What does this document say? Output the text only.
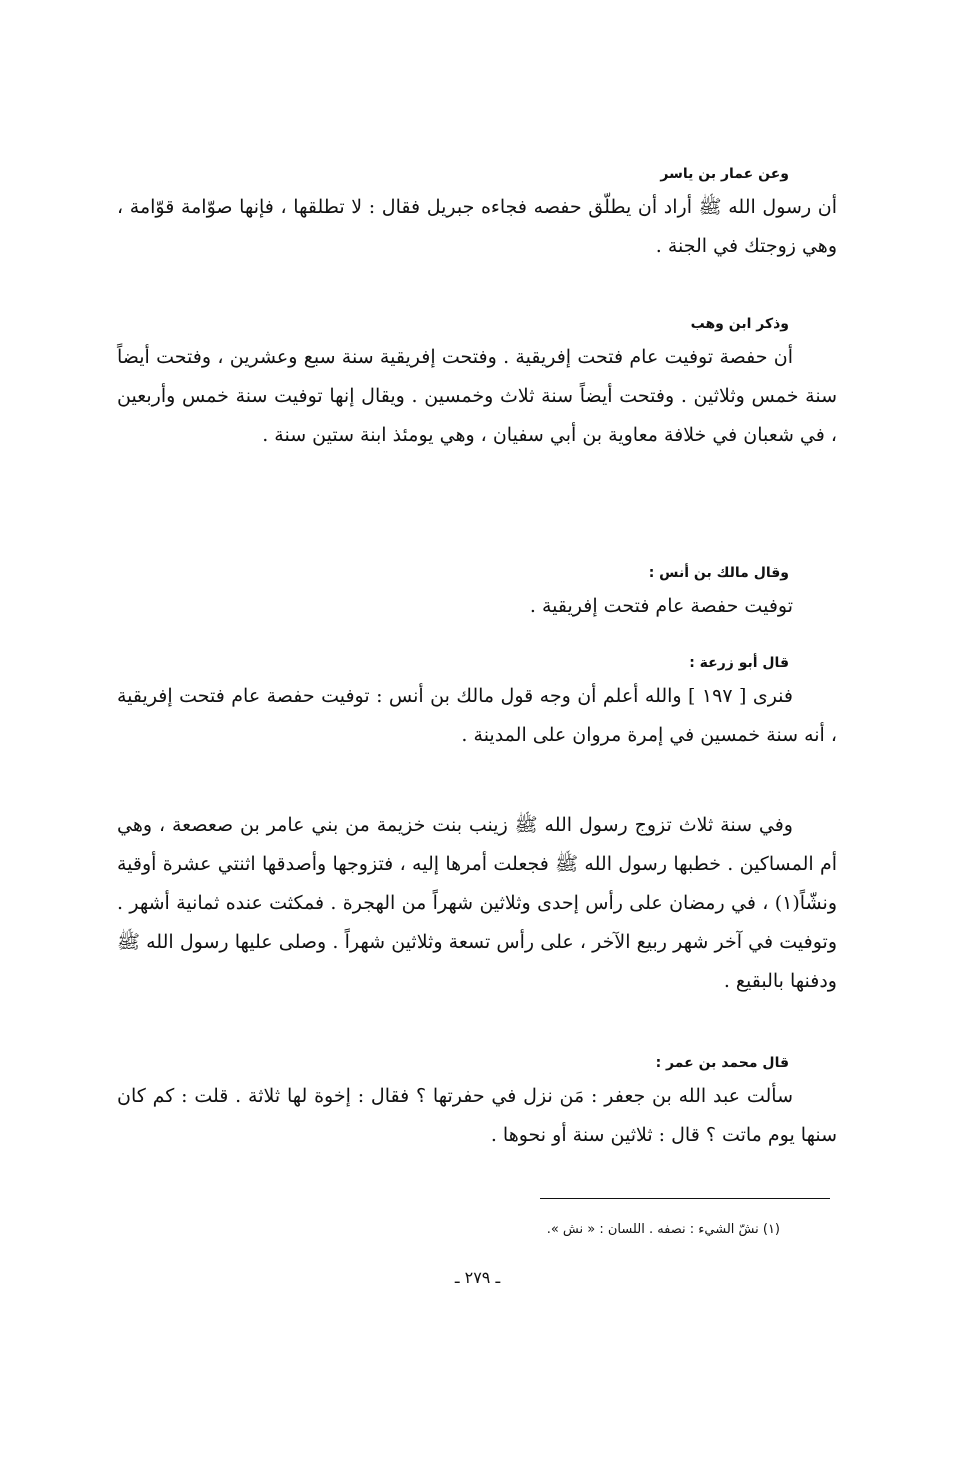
وعن عمار بن ياسر

أن رسول الله ﷺ أراد أن يطلّق حفصه فجاءه جبريل فقال : لا تطلقها ، فإنها صوّامة قوّامة ، وهي زوجتك في الجنة .

وذكر ابن وهب

أن حفصة توفيت عام فتحت إفريقية . وفتحت إفريقية سنة سبع وعشرين ، وفتحت أيضاً سنة خمس وثلاثين . وفتحت أيضاً سنة ثلاث وخمسين . ويقال إنها توفيت سنة خمس وأربعين ، في شعبان في خلافة معاوية بن أبي سفيان ، وهي يومئذ ابنة ستين سنة .

وقال مالك بن أنس :

توفيت حفصة عام فتحت إفريقية .

قال أبو زرعة :

فنرى [ ١٩٧ ] والله أعلم أن وجه قول مالك بن أنس : توفيت حفصة عام فتحت إفريقية ، أنه سنة خمسين في إمرة مروان على المدينة .

وفي سنة ثلاث تزوج رسول الله ﷺ زينب بنت خزيمة من بني عامر بن صعصعة ، وهي أم المساكين . خطبها رسول الله ﷺ فجعلت أمرها إليه ، فتزوجها وأصدقها اثنتي عشرة أوقية ونشّاً(١) ، في رمضان على رأس إحدى وثلاثين شهراً من الهجرة . فمكثت عنده ثمانية أشهر . وتوفيت في آخر شهر ربيع الآخر ، على رأس تسعة وثلاثين شهراً . وصلى عليها رسول الله ﷺ ودفنها بالبقيع .

قال محمد بن عمر :

سألت عبد الله بن جعفر : مَن نزل في حفرتها ؟ فقال : إخوة لها ثلاثة . قلت : كم كان سنها يوم ماتت ؟ قال : ثلاثين سنة أو نحوها .

(١) نشّ الشيء : نصفه . اللسان : « نش ».
ـ ٢٧٩ ـ
